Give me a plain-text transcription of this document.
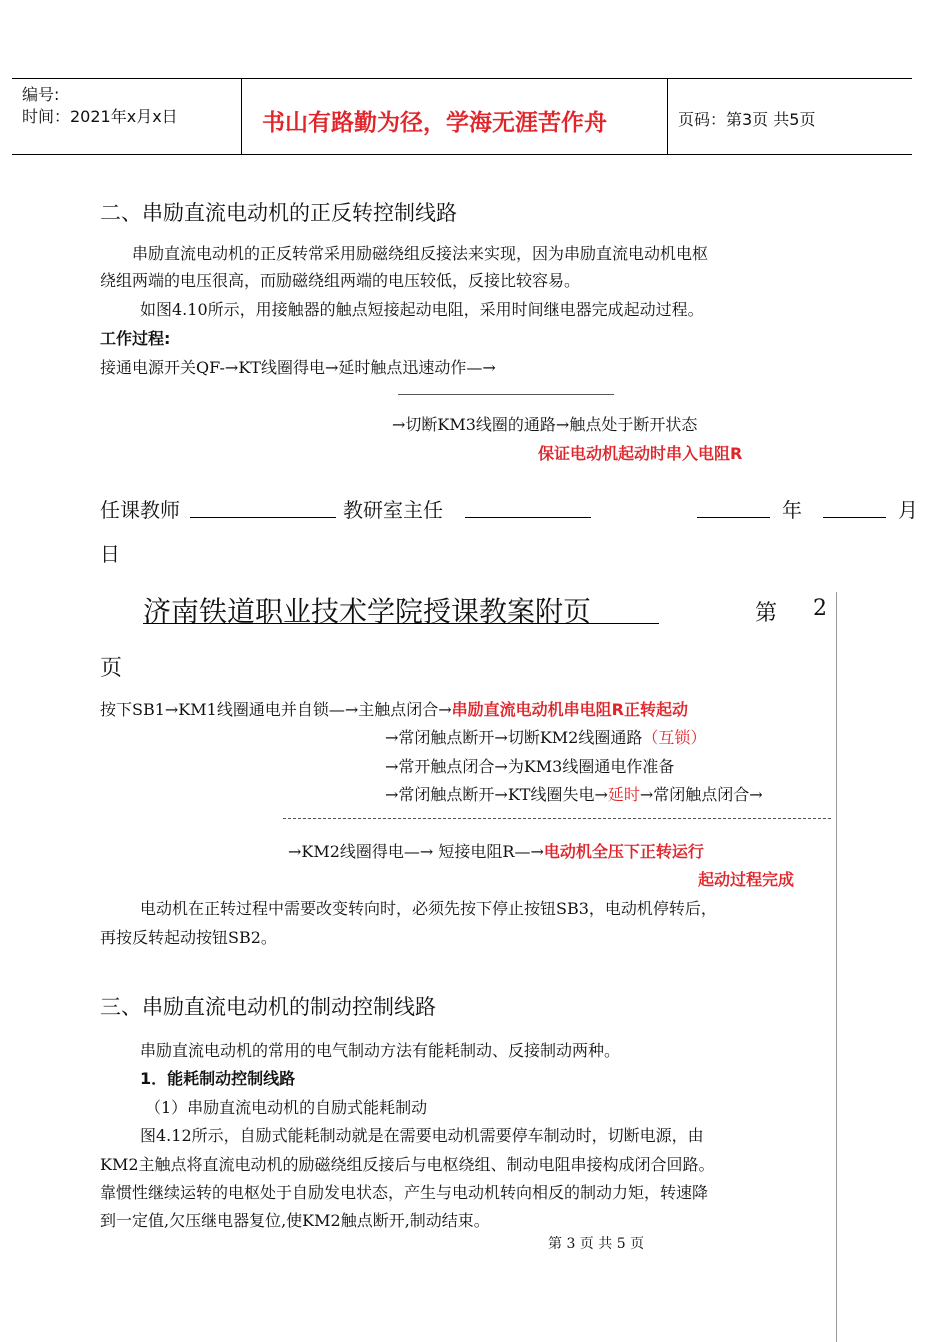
编号:
时间：2021年x月x日	书山有路勤为径，学海无涯苦作舟	页码：第3页 共5页
二、串励直流电动机的正反转控制线路
串励直流电动机的正反转常采用励磁绕组反接法来实现，因为串励直流电动机电枢
绕组两端的电压很高，而励磁绕组两端的电压较低，反接比较容易。
如图4.10所示，用接触器的触点短接起动电阻，采用时间继电器完成起动过程。
工作过程:
接通电源开关QF-→KT线圈得电→延时触点迅速动作—→
→切断KM3线圈的通路→触点处于断开状态
保证电动机起动时串入电阻R
任课教师	教研室主任	年	月
日
济南铁道职业技术学院授课教案附页	第 2
页
按下SB1→KM1线圈通电并自锁—→主触点闭合→串励直流电动机串电阻R正转起动
→常闭触点断开→切断KM2线圈通路（互锁）
→常开触点闭合→为KM3线圈通电作准备
→常闭触点断开→KT线圈失电→延时→常闭触点闭合→
→KM2线圈得电—→ 短接电阻R—→电动机全压下正转运行
起动过程完成
电动机在正转过程中需要改变转向时，必须先按下停止按钮SB3，电动机停转后，
再按反转起动按钮SB2。
三、串励直流电动机的制动控制线路
串励直流电动机的常用的电气制动方法有能耗制动、反接制动两种。
1．能耗制动控制线路
（1）串励直流电动机的自励式能耗制动
图4.12所示，自励式能耗制动就是在需要电动机需要停车制动时，切断电源，由
KM2主触点将直流电动机的励磁绕组反接后与电枢绕组、制动电阻串接构成闭合回路。
靠惯性继续运转的电枢处于自励发电状态，产生与电动机转向相反的制动力矩，转速降
到一定值,欠压继电器复位,使KM2触点断开,制动结束。
第 3 页 共 5 页
